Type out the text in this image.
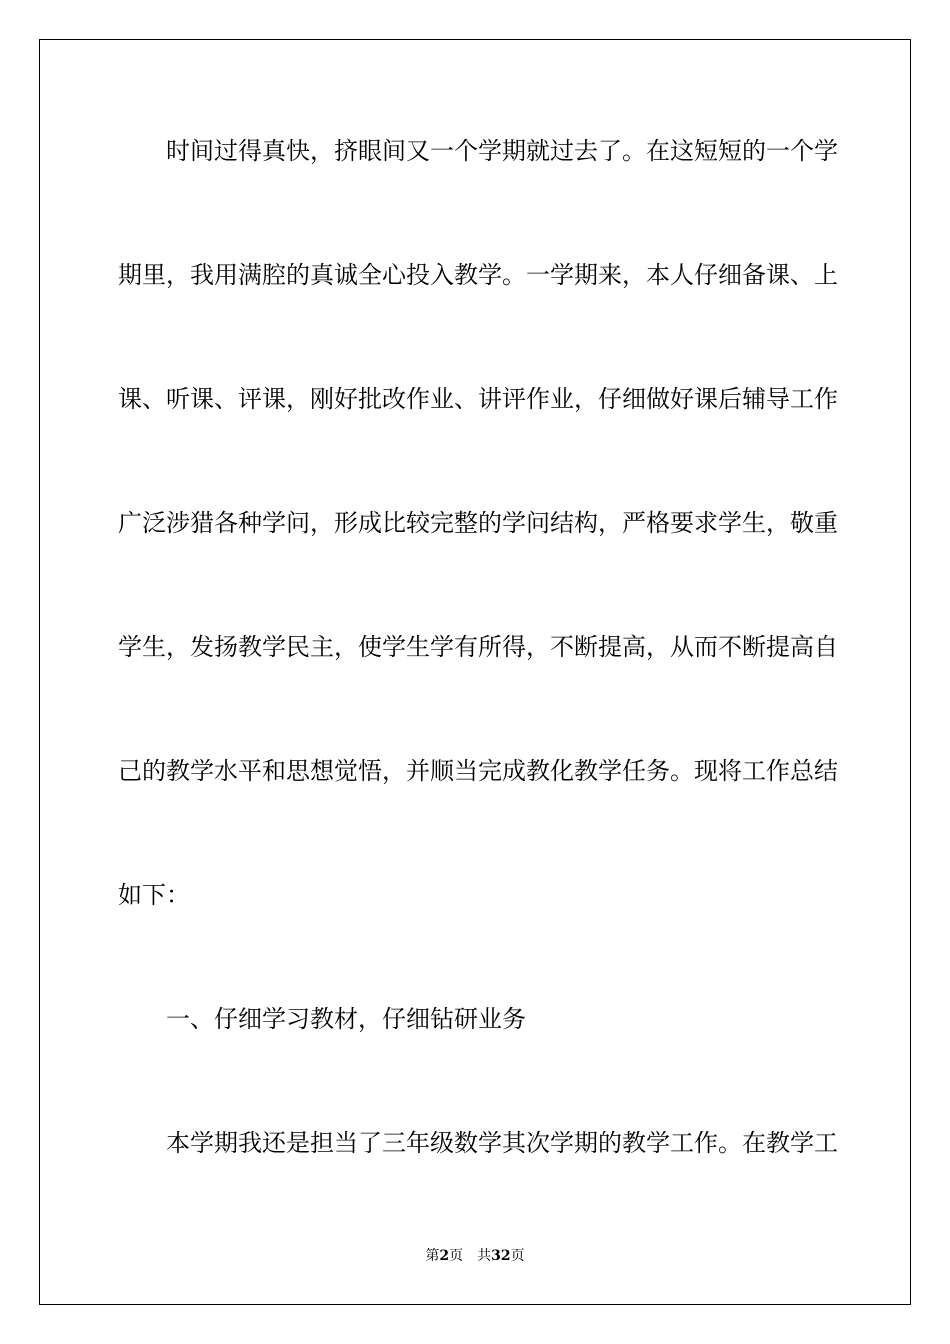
时间过得真快，挤眼间又一个学期就过去了。在这短短的一个学

期里，我用满腔的真诚全心投入教学。一学期来，本人仔细备课、上

课、听课、评课，刚好批改作业、讲评作业，仔细做好课后辅导工作

广泛涉猎各种学问，形成比较完整的学问结构，严格要求学生，敬重

学生，发扬教学民主，使学生学有所得，不断提高，从而不断提高自

己的教学水平和思想觉悟，并顺当完成教化教学任务。现将工作总结

如下：

一、仔细学习教材，仔细钻研业务

本学期我还是担当了三年级数学其次学期的教学工作。在教学工

第2页 共32页
